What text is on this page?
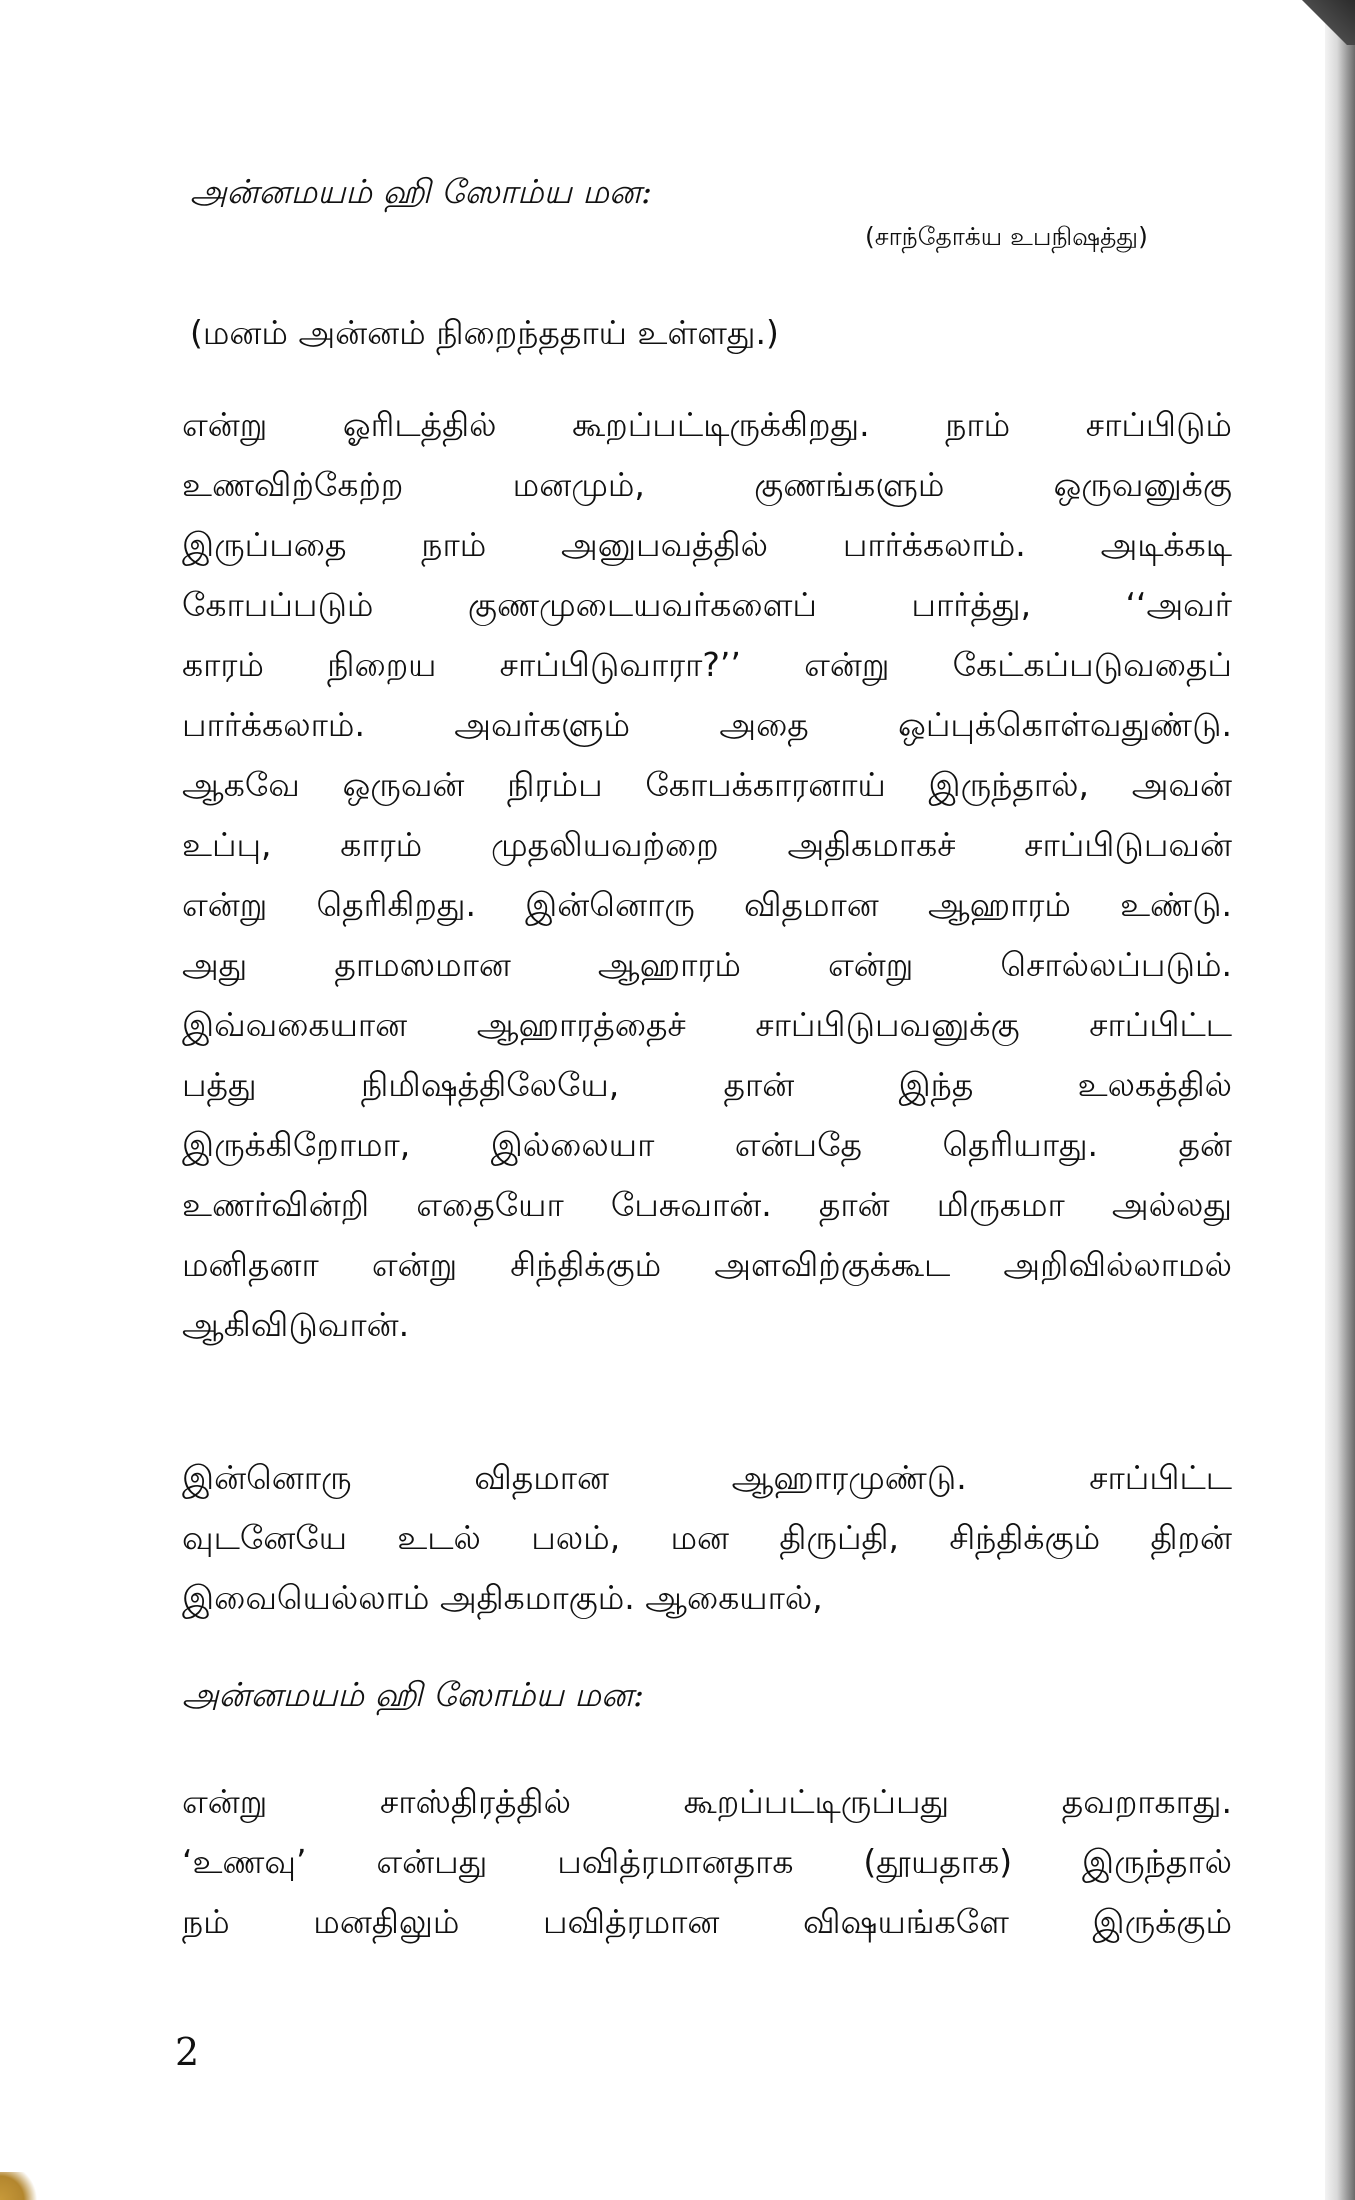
அன்னமயம் ஹி ஸோம்ய மன:
(சாந்தோக்ய உபநிஷத்து)
(மனம் அன்னம் நிறைந்ததாய் உள்ளது.)
என்று ஓரிடத்தில் கூறப்பட்டிருக்கிறது. நாம் சாப்பிடும்
உணவிற்கேற்ற மனமும், குணங்களும் ஒருவனுக்கு
இருப்பதை நாம் அனுபவத்தில் பார்க்கலாம். அடிக்கடி
கோபப்படும் குணமுடையவர்களைப் பார்த்து, ‘‘அவர்
காரம் நிறைய சாப்பிடுவாரா?’’ என்று கேட்கப்படுவதைப்
பார்க்கலாம். அவர்களும் அதை ஒப்புக்கொள்வதுண்டு.
ஆகவே ஒருவன் நிரம்ப கோபக்காரனாய் இருந்தால், அவன்
உப்பு, காரம் முதலியவற்றை அதிகமாகச் சாப்பிடுபவன்
என்று தெரிகிறது. இன்னொரு விதமான ஆஹாரம் உண்டு.
அது தாமஸமான ஆஹாரம் என்று சொல்லப்படும்.
இவ்வகையான ஆஹாரத்தைச் சாப்பிடுபவனுக்கு சாப்பிட்ட
பத்து நிமிஷத்திலேயே, தான் இந்த உலகத்தில்
இருக்கிறோமா, இல்லையா என்பதே தெரியாது. தன்
உணர்வின்றி எதையோ பேசுவான். தான் மிருகமா அல்லது
மனிதனா என்று சிந்திக்கும் அளவிற்குக்கூட அறிவில்லாமல்
ஆகிவிடுவான்.
இன்னொரு விதமான ஆஹாரமுண்டு. சாப்பிட்ட
வுடனேயே உடல் பலம், மன திருப்தி, சிந்திக்கும் திறன்
இவையெல்லாம் அதிகமாகும். ஆகையால்,
அன்னமயம் ஹி ஸோம்ய மன:
என்று சாஸ்திரத்தில் கூறப்பட்டிருப்பது தவறாகாது.
‘உணவு’ என்பது பவித்ரமானதாக (தூயதாக) இருந்தால்
நம் மனதிலும் பவித்ரமான விஷயங்களே இருக்கும்
2
